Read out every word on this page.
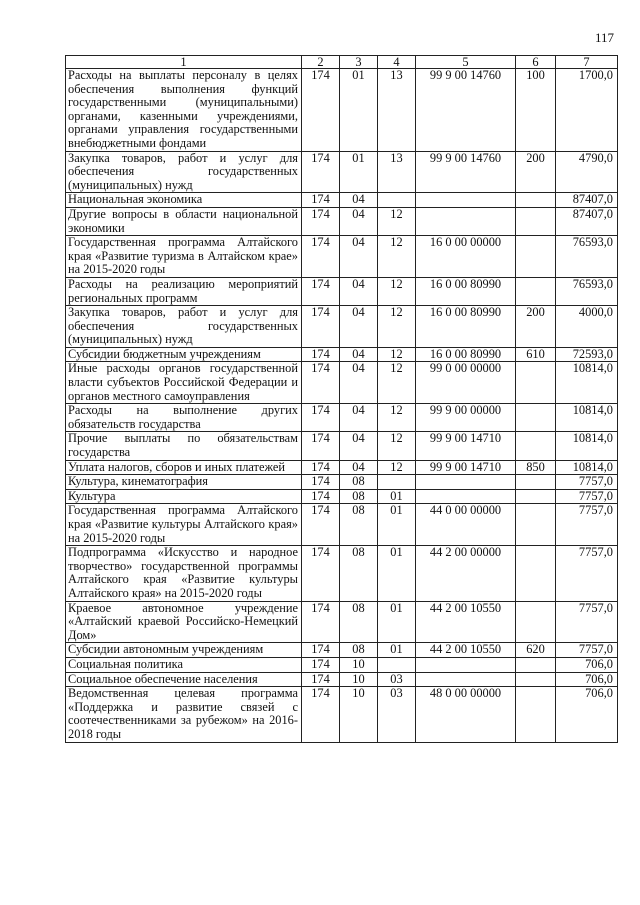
117
1	2	3	4	5	6	7
Расходы на выплаты персоналу в целях обеспечения выполнения функций государственными (муниципальными) органами, казенными учреждениями, органами управления государственными внебюджетными фондами	174	01	13	99 9 00 14760	100	1700,0
Закупка товаров, работ и услуг для обеспечения государственных (муниципальных) нужд	174	01	13	99 9 00 14760	200	4790,0
Национальная экономика	174	04				87407,0
Другие вопросы в области национальной экономики	174	04	12			87407,0
Государственная программа Алтайского края «Развитие туризма в Алтайском крае» на 2015-2020 годы	174	04	12	16 0 00 00000		76593,0
Расходы на реализацию мероприятий региональных программ	174	04	12	16 0 00 80990		76593,0
Закупка товаров, работ и услуг для обеспечения государственных (муниципальных) нужд	174	04	12	16 0 00 80990	200	4000,0
Субсидии бюджетным учреждениям	174	04	12	16 0 00 80990	610	72593,0
Иные расходы органов государственной власти субъектов Российской Федерации и органов местного самоуправления	174	04	12	99 0 00 00000		10814,0
Расходы на выполнение других обязательств государства	174	04	12	99 9 00 00000		10814,0
Прочие выплаты по обязательствам государства	174	04	12	99 9 00 14710		10814,0
Уплата налогов, сборов и иных платежей	174	04	12	99 9 00 14710	850	10814,0
Культура, кинематография	174	08				7757,0
Культура	174	08	01			7757,0
Государственная программа Алтайского края «Развитие культуры Алтайского края» на 2015-2020 годы	174	08	01	44 0 00 00000		7757,0
Подпрограмма «Искусство и народное творчество» государственной программы Алтайского края «Развитие культуры Алтайского края» на 2015-2020 годы	174	08	01	44 2 00 00000		7757,0
Краевое автономное учреждение «Алтайский краевой Российско-Немецкий Дом»	174	08	01	44 2 00 10550		7757,0
Субсидии автономным учреждениям	174	08	01	44 2 00 10550	620	7757,0
Социальная политика	174	10				706,0
Социальное обеспечение населения	174	10	03			706,0
Ведомственная целевая программа «Поддержка и развитие связей с соотечественниками за рубежом» на 2016-2018 годы	174	10	03	48 0 00 00000		706,0
